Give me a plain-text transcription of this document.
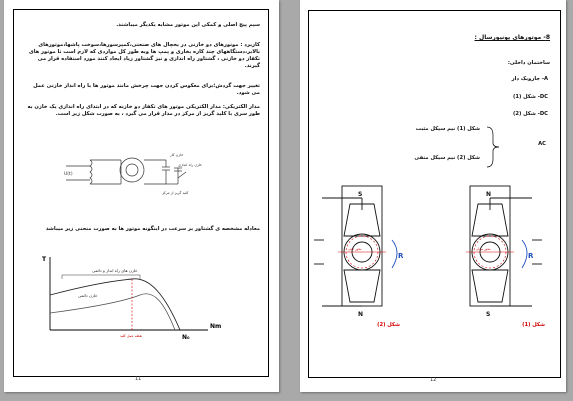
سیم پیچ اصلی و کمکی این موتور مشابه یکدیگر میباشند.
کاربرد : موتورهای دو خازنی در یخچال های صنعتی،کمپرسورها،سوخت پاشها،موتورهای بالابر،دستگاههای چند کاره بخاری و پمپ ها وبه طور کل مواردی که لازم است تا موتور های تکفاز دو خازنی ، گشتاور راه اندازی و نیز گشتاور زیاد ایجاد کنند مورد استفاده قرار می گیرند.
تغییر جهت گردش؛برای معکوس کردن جهت چرخش مانند موتور ها با راه انداز خازنی عمل می شود.
مدار الکتریکی: مدار الکتریکی موتور های تکفاز دو خازنه که در ابتدای راه اندازی یک خازن به طور سری با کلید گریز از مرکز در مدار قرار می گیرد ، به صورت شکل زیر است.
U(t)
خازن کار
خازن راه اندازی
کلید گریز از مرکز
معادله مشخصه ی گشتاور بر سرعت در اینگونه موتور ها به صورت منحنی زیر میباشد
T
Nm
N₀
خازن های راه انداز و دائمی
خازن دائمی
نقطه عمل کلید
11
8- موتورهای یونیورسال :
ساختمان داخلی:
A- جاروبک دار
DC- شکل (1)
DC- شکل (2)
شکل (1) نیم سیکل مثبت
شکل (2) نیم سیکل منفی
AC
S
N
R
محور خنثی
N
S
R
محور میدان
شکل (2)	شکل (1)
12
